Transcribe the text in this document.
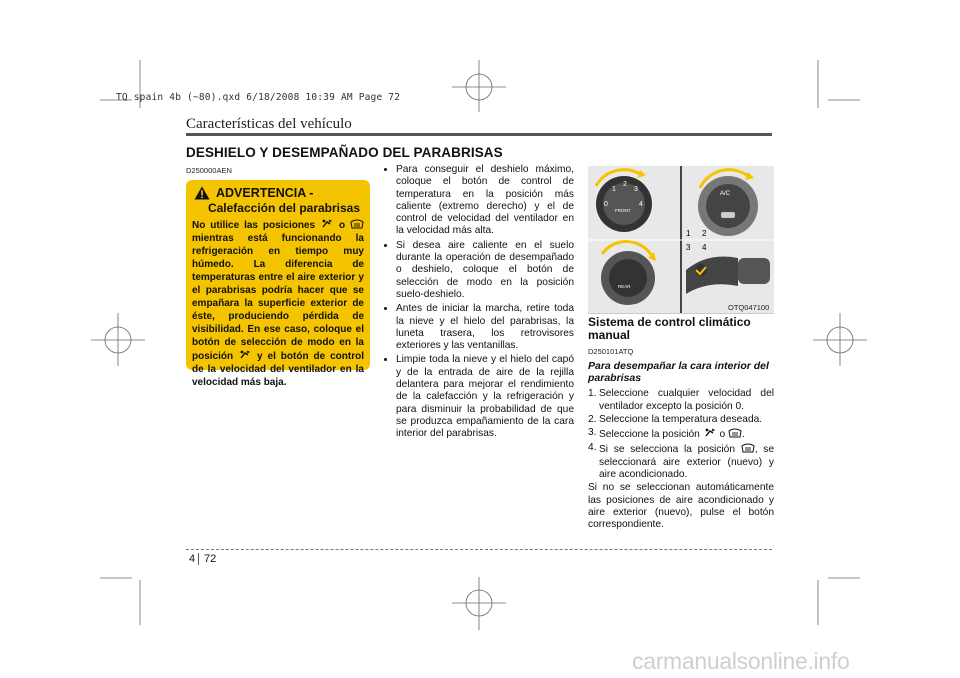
TQ spain 4b (~80).qxd 6/18/2008 10:39 AM Page 72
Características del vehículo
DESHIELO Y DESEMPAÑADO DEL PARABRISAS
D250000AEN
ADVERTENCIA -
Calefacción del parabrisas
No utilice las posiciones o  mientras está funcionando la refrigeración en tiempo muy húmedo. La diferencia de temperaturas entre el aire exterior y el parabrisas podría hacer que se empañara la superficie exterior de éste, produciendo pérdida de visibilidad. En ese caso, coloque el botón de selección de modo en la posición y el botón de control de la velocidad del ventilador en la velocidad más baja.
• Para conseguir el deshielo máximo, coloque el botón de control de temperatura en la posición más caliente (extremo derecho) y el de control de velocidad del ventilador en la velocidad más alta.
• Si desea aire caliente en el suelo durante la operación de desempañado o deshielo, coloque el botón de selección de modo en la posición suelo-deshielo.
• Antes de iniciar la marcha, retire toda la nieve y el hielo del parabrisas, la luneta trasera, los retrovisores exteriores y las ventanillas.
• Limpie toda la nieve y el hielo del capó y de la entrada de aire de la rejilla delantera para mejorar el rendimiento de la calefacción y la refrigeración y para disminuir la probabilidad de que se produzca empañamiento de la cara interior del parabrisas.
0
1
2
3
4
FRONT
A/C
1 2
3 4
REAR
OTQ047100
Sistema de control climático manual
D250101ATQ
Para desempañar la cara interior del parabrisas
1. Seleccione cualquier velocidad del ventilador excepto la posición 0.
2. Seleccione la temperatura deseada.
3. Seleccione la posición o .
4. Si se selecciona la posición , se seleccionará aire exterior (nuevo) y aire acondicionado.
Si no se seleccionan automáticamente las posiciones de aire acondicionado y aire exterior (nuevo), pulse el botón correspondiente.
4 72
carmanualsonline.info
